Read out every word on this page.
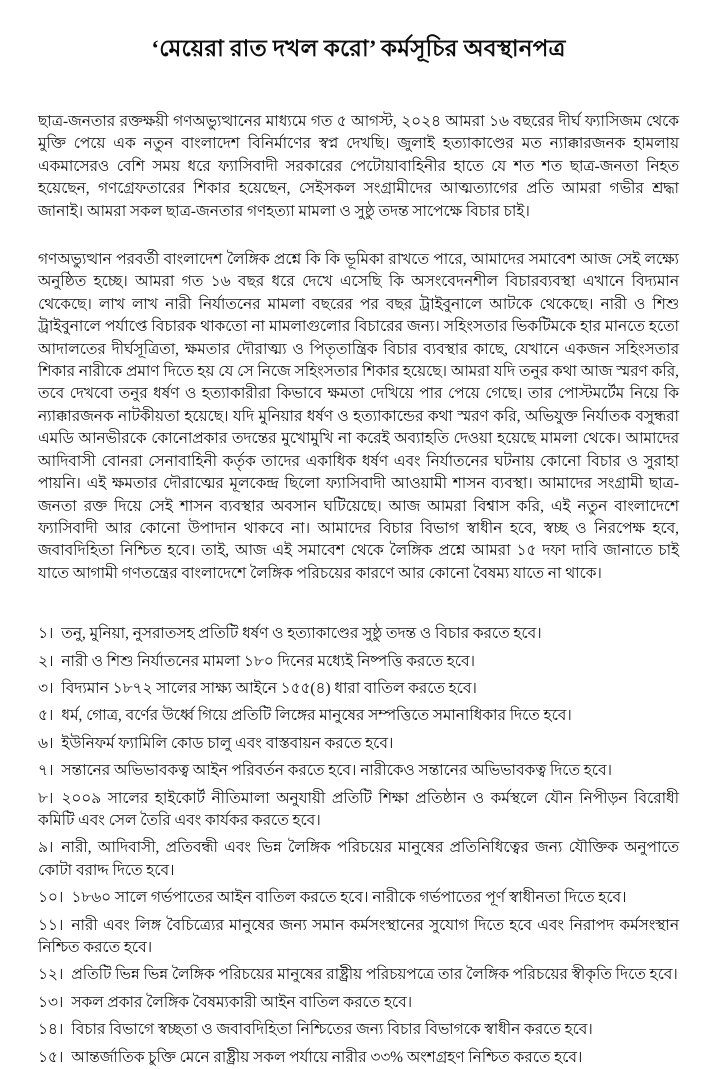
‘মেয়েরা রাত দখল করো’ কর্মসূচির অবস্থানপত্র

ছাত্র-জনতার রক্তক্ষয়ী গণঅভ্যুত্থানের মাধ্যমে গত ৫ আগস্ট, ২০২৪ আমরা ১৬ বছরের দীর্ঘ ফ্যাসিজম থেকে মুক্তি পেয়ে এক নতুন বাংলাদেশ বিনির্মাণের স্বপ্ন দেখছি। জুলাই হত্যাকাণ্ডের মত ন্যাক্কারজনক হামলায় একমাসেরও বেশি সময় ধরে ফ্যাসিবাদী সরকারের পেটোয়াবাহিনীর হাতে যে শত শত ছাত্র-জনতা নিহত হয়েছেন, গণগ্রেফতারের শিকার হয়েছেন, সেইসকল সংগ্রামীদের আত্মত্যাগের প্রতি আমরা গভীর শ্রদ্ধা জানাই। আমরা সকল ছাত্র-জনতার গণহত্যা মামলা ও সুষ্ঠু তদন্ত সাপেক্ষে বিচার চাই।

গণঅভ্যুত্থান পরবর্তী বাংলাদেশ লৈঙ্গিক প্রশ্নে কি কি ভূমিকা রাখতে পারে, আমাদের সমাবেশ আজ সেই লক্ষ্যে অনুষ্ঠিত হচ্ছে। আমরা গত ১৬ বছর ধরে দেখে এসেছি কি অসংবেদনশীল বিচারব্যবস্থা এখানে বিদ্যমান থেকেছে। লাখ লাখ নারী নির্যাতনের মামলা বছরের পর বছর ট্রাইবুনালে আটকে থেকেছে। নারী ও শিশু ট্রাইবুনালে পর্যাপ্তে বিচারক থাকতো না মামলাগুলোর বিচারের জন্য। সহিংসতার ভিকটিমকে হার মানতে হতো আদালতের দীর্ঘসূত্রিতা, ক্ষমতার দৌরাত্ম্য ও পিতৃতান্ত্রিক বিচার ব্যবস্থার কাছে, যেখানে একজন সহিংসতার শিকার নারীকে প্রমাণ দিতে হয় যে সে নিজে সহিংসতার শিকার হয়েছে। আমরা যদি তনুর কথা আজ স্মরণ করি, তবে দেখবো তনুর ধর্ষণ ও হত্যাকারীরা কিভাবে ক্ষমতা দেখিয়ে পার পেয়ে গেছে। তার পোস্টমর্টেম নিয়ে কি ন্যাক্কারজনক নাটকীয়তা হয়েছে। যদি মুনিয়ার ধর্ষণ ও হত্যাকান্ডের কথা স্মরণ করি, অভিযুক্ত নির্যাতক বসুন্ধরা এমডি আনভীরকে কোনোপ্রকার তদন্তের মুখোমুখি না করেই অব্যাহতি দেওয়া হয়েছে মামলা থেকে। আমাদের আদিবাসী বোনরা সেনাবাহিনী কর্তৃক তাদের একাধিক ধর্ষণ এবং নির্যাতনের ঘটনায় কোনো বিচার ও সুরাহা পায়নি। এই ক্ষমতার দৌরাত্মের মূলকেন্দ্র ছিলো ফ্যাসিবাদী আওয়ামী শাসন ব্যবস্থা। আমাদের সংগ্রামী ছাত্র-জনতা রক্ত দিয়ে সেই শাসন ব্যবস্থার অবসান ঘটিয়েছে। আজ আমরা বিশ্বাস করি, এই নতুন বাংলাদেশে ফ্যাসিবাদী আর কোনো উপাদান থাকবে না। আমাদের বিচার বিভাগ স্বাধীন হবে, স্বচ্ছ ও নিরপেক্ষ হবে, জবাবদিহিতা নিশ্চিত হবে। তাই, আজ এই সমাবেশ থেকে লৈঙ্গিক প্রশ্নে আমরা ১৫ দফা দাবি জানাতে চাই যাতে আগামী গণতন্ত্রের বাংলাদেশে লৈঙ্গিক পরিচয়ের কারণে আর কোনো বৈষম্য যাতে না থাকে।

১। তনু, মুনিয়া, নুসরাতসহ প্রতিটি ধর্ষণ ও হত্যাকাণ্ডের সুষ্ঠু তদন্ত ও বিচার করতে হবে।
২। নারী ও শিশু নির্যাতনের মামলা ১৮০ দিনের মধ্যেই নিষ্পত্তি করতে হবে।
৩। বিদ্যমান ১৮৭২ সালের সাক্ষ্য আইনে ১৫৫(৪) ধারা বাতিল করতে হবে।
৫। ধর্ম, গোত্র, বর্ণের উর্ধ্বে গিয়ে প্রতিটি লিঙ্গের মানুষের সম্পত্তিতে সমানাধিকার দিতে হবে।
৬। ইউনিফর্ম ফ্যামিলি কোড চালু এবং বাস্তবায়ন করতে হবে।
৭। সন্তানের অভিভাবকত্ব আইন পরিবর্তন করতে হবে। নারীকেও সন্তানের অভিভাবকত্ব দিতে হবে।
৮। ২০০৯ সালের হাইকোর্ট নীতিমালা অনুযায়ী প্রতিটি শিক্ষা প্রতিষ্ঠান ও কর্মস্থলে যৌন নিপীড়ন বিরোধী কমিটি এবং সেল তৈরি এবং কার্যকর করতে হবে।
৯। নারী, আদিবাসী, প্রতিবন্ধী এবং ভিন্ন লৈঙ্গিক পরিচয়ের মানুষের প্রতিনিধিত্বের জন্য যৌক্তিক অনুপাতে কোটা বরাদ্দ দিতে হবে।
১০। ১৮৬০ সালে গর্ভপাতের আইন বাতিল করতে হবে। নারীকে গর্ভপাতের পূর্ণ স্বাধীনতা দিতে হবে।
১১। নারী এবং লিঙ্গ বৈচিত্র্যের মানুষের জন্য সমান কর্মসংস্থানের সুযোগ দিতে হবে এবং নিরাপদ কর্মসংস্থান নিশ্চিত করতে হবে।
১২। প্রতিটি ভিন্ন ভিন্ন লৈঙ্গিক পরিচয়ের মানুষের রাষ্ট্রীয় পরিচয়পত্রে তার লৈঙ্গিক পরিচয়ের স্বীকৃতি দিতে হবে।
১৩। সকল প্রকার লৈঙ্গিক বৈষম্যকারী আইন বাতিল করতে হবে।
১৪। বিচার বিভাগে স্বচ্ছতা ও জবাবদিহিতা নিশ্চিতের জন্য বিচার বিভাগকে স্বাধীন করতে হবে।
১৫। আন্তর্জাতিক চুক্তি মেনে রাষ্ট্রীয় সকল পর্যায়ে নারীর ৩৩% অংশগ্রহণ নিশ্চিত করতে হবে।
